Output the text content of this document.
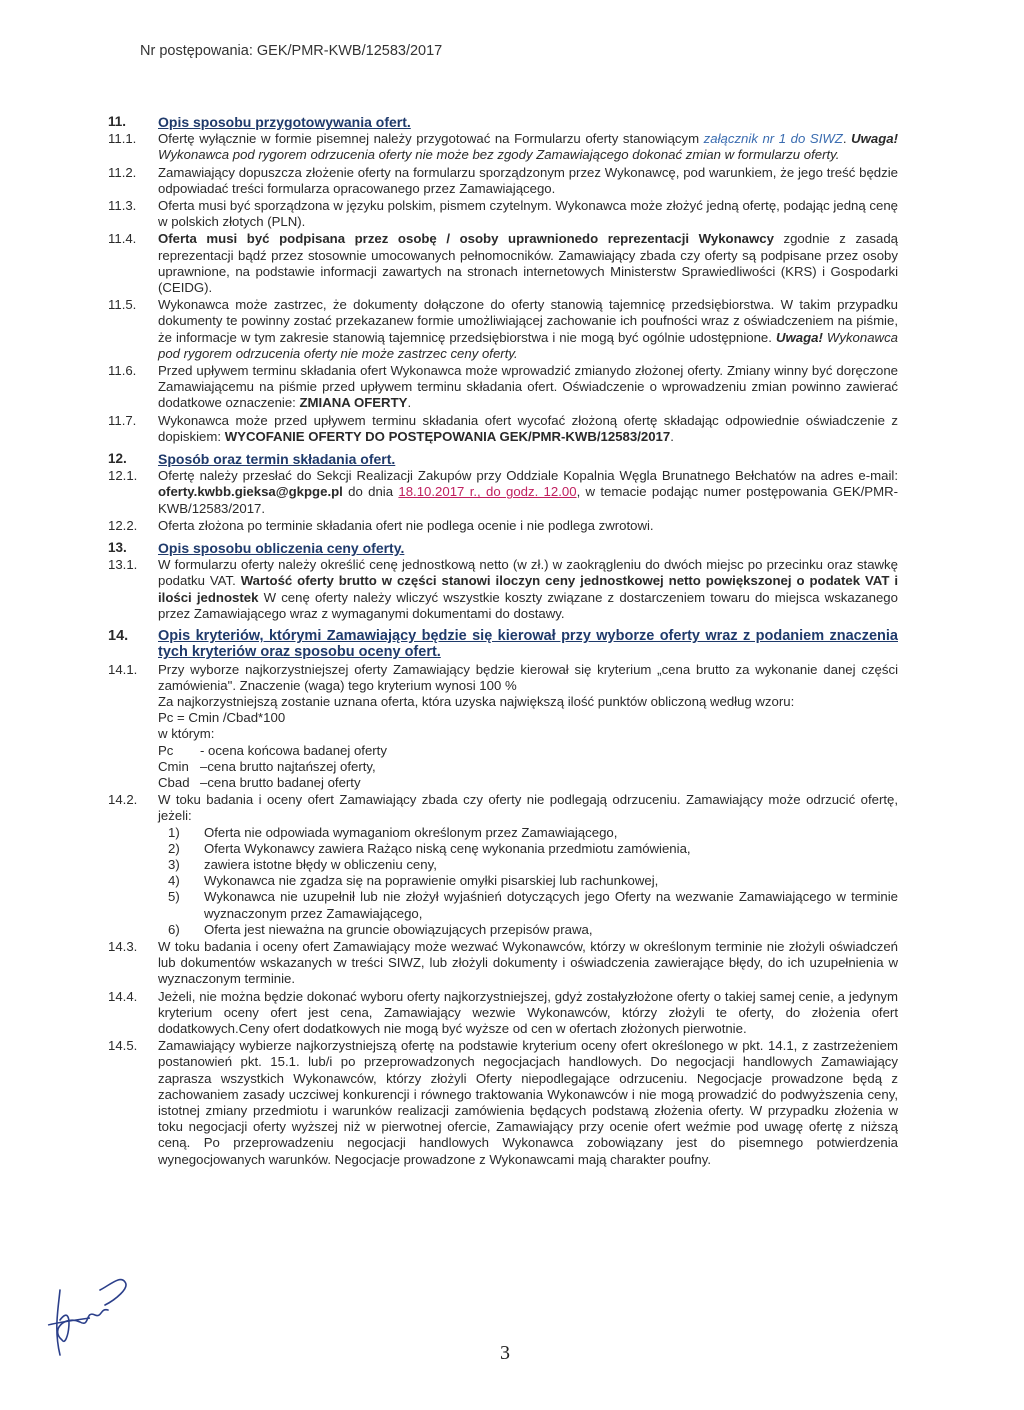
Nr postępowania: GEK/PMR-KWB/12583/2017
11.	Opis sposobu przygotowywania ofert.
11.1.	Ofertę wyłącznie w formie pisemnej należy przygotować na Formularzu oferty stanowiącym załącznik nr 1 do SIWZ. Uwaga! Wykonawca pod rygorem odrzucenia oferty nie może bez zgody Zamawiającego dokonać zmian w formularzu oferty.
11.2.	Zamawiający dopuszcza złożenie oferty na formularzu sporządzonym przez Wykonawcę, pod warunkiem, że jego treść będzie odpowiadać treści formularza opracowanego przez Zamawiającego.
11.3.	Oferta musi być sporządzona w języku polskim, pismem czytelnym. Wykonawca może złożyć jedną ofertę, podając jedną cenę w polskich złotych (PLN).
11.4.	Oferta musi być podpisana przez osobę / osoby uprawnionedo reprezentacji Wykonawcy zgodnie z zasadą reprezentacji bądź przez stosownie umocowanych pełnomocników. Zamawiający zbada czy oferty są podpisane przez osoby uprawnione, na podstawie informacji zawartych na stronach internetowych Ministerstw Sprawiedliwości (KRS) i Gospodarki (CEIDG).
11.5.	Wykonawca może zastrzec, że dokumenty dołączone do oferty stanowią tajemnicę przedsiębiorstwa. W takim przypadku dokumenty te powinny zostać przekazanew formie umożliwiającej zachowanie ich poufności wraz z oświadczeniem na piśmie, że informacje w tym zakresie stanowią tajemnicę przedsiębiorstwa i nie mogą być ogólnie udostępnione. Uwaga! Wykonawca pod rygorem odrzucenia oferty nie może zastrzec ceny oferty.
11.6.	Przed upływem terminu składania ofert Wykonawca może wprowadzić zmianydo złożonej oferty. Zmiany winny być doręczone Zamawiającemu na piśmie przed upływem terminu składania ofert. Oświadczenie o wprowadzeniu zmian powinno zawierać dodatkowe oznaczenie: ZMIANA OFERTY.
11.7.	Wykonawca może przed upływem terminu składania ofert wycofać złożoną ofertę składając odpowiednie oświadczenie z dopiskiem: WYCOFANIE OFERTY DO POSTĘPOWANIA GEK/PMR-KWB/12583/2017.
12.	Sposób oraz termin składania ofert.
12.1.	Ofertę należy przesłać do Sekcji Realizacji Zakupów przy Oddziale Kopalnia Węgla Brunatnego Bełchatów na adres e-mail: oferty.kwbb.gieksa@gkpge.pl do dnia 18.10.2017 r., do godz. 12.00, w temacie podając numer postępowania GEK/PMR-KWB/12583/2017.
12.2.	Oferta złożona po terminie składania ofert nie podlega ocenie i nie podlega zwrotowi.
13.	Opis sposobu obliczenia ceny oferty.
13.1.	W formularzu oferty należy określić cenę jednostkową netto (w zł.) w zaokrągleniu do dwóch miejsc po przecinku oraz stawkę podatku VAT. Wartość oferty brutto w części stanowi iloczyn ceny jednostkowej netto powiększonej o podatek VAT i ilości jednostek W cenę oferty należy wliczyć wszystkie koszty związane z dostarczeniem towaru do miejsca wskazanego przez Zamawiającego wraz z wymaganymi dokumentami do dostawy.
14.	Opis kryteriów, którymi Zamawiający będzie się kierował przy wyborze oferty wraz z podaniem znaczenia tych kryteriów oraz sposobu oceny ofert.
14.1.	Przy wyborze najkorzystniejszej oferty Zamawiający będzie kierował się kryterium „cena brutto za wykonanie danej części zamówienia". Znaczenie (waga) tego kryterium wynosi 100 %
Za najkorzystniejszą zostanie uznana oferta, która uzyska największą ilość punktów obliczoną według wzoru:
Pc = Cmin /Cbad*100
w którym:
Pc	- ocena końcowa badanej oferty
Cmin –cena brutto najtańszej oferty,
Cbad –cena brutto badanej oferty
14.2.	W toku badania i oceny ofert Zamawiający zbada czy oferty nie podlegają odrzuceniu. Zamawiający może odrzucić ofertę, jeżeli:
1)	Oferta nie odpowiada wymaganiom określonym przez Zamawiającego,
2)	Oferta Wykonawcy zawiera Rażąco niską cenę wykonania przedmiotu zamówienia,
3)	zawiera istotne błędy w obliczeniu ceny,
4)	Wykonawca nie zgadza się na poprawienie omyłki pisarskiej lub rachunkowej,
5)	Wykonawca nie uzupełnił lub nie złożył wyjaśnień dotyczących jego Oferty na wezwanie Zamawiającego w terminie wyznaczonym przez Zamawiającego,
6)	Oferta jest nieważna na gruncie obowiązujących przepisów prawa,
14.3.	W toku badania i oceny ofert Zamawiający może wezwać Wykonawców, którzy w określonym terminie nie złożyli oświadczeń lub dokumentów wskazanych w treści SIWZ, lub złożyli dokumenty i oświadczenia zawierające błędy, do ich uzupełnienia w wyznaczonym terminie.
14.4.	Jeżeli, nie można będzie dokonać wyboru oferty najkorzystniejszej, gdyż zostałyzłożone oferty o takiej samej cenie, a jedynym kryterium oceny ofert jest cena, Zamawiający wezwie Wykonawców, którzy złożyli te oferty, do złożenia ofert dodatkowych.Ceny ofert dodatkowych nie mogą być wyższe od cen w ofertach złożonych pierwotnie.
14.5.	Zamawiający wybierze najkorzystniejszą ofertę na podstawie kryterium oceny ofert określonego w pkt. 14.1, z zastrzeżeniem postanowień pkt. 15.1. lub/i po przeprowadzonych negocjacjach handlowych. Do negocjacji handlowych Zamawiający zaprasza wszystkich Wykonawców, którzy złożyli Oferty niepodlegające odrzuceniu. Negocjacje prowadzone będą z zachowaniem zasady uczciwej konkurencji i równego traktowania Wykonawców i nie mogą prowadzić do podwyższenia ceny, istotnej zmiany przedmiotu i warunków realizacji zamówienia będących podstawą złożenia oferty. W przypadku złożenia w toku negocjacji oferty wyższej niż w pierwotnej ofercie, Zamawiający przy ocenie ofert weźmie pod uwagę ofertę z niższą ceną. Po przeprowadzeniu negocjacji handlowych Wykonawca zobowiązany jest do pisemnego potwierdzenia wynegocjowanych warunków. Negocjacje prowadzone z Wykonawcami mają charakter poufny.
3
